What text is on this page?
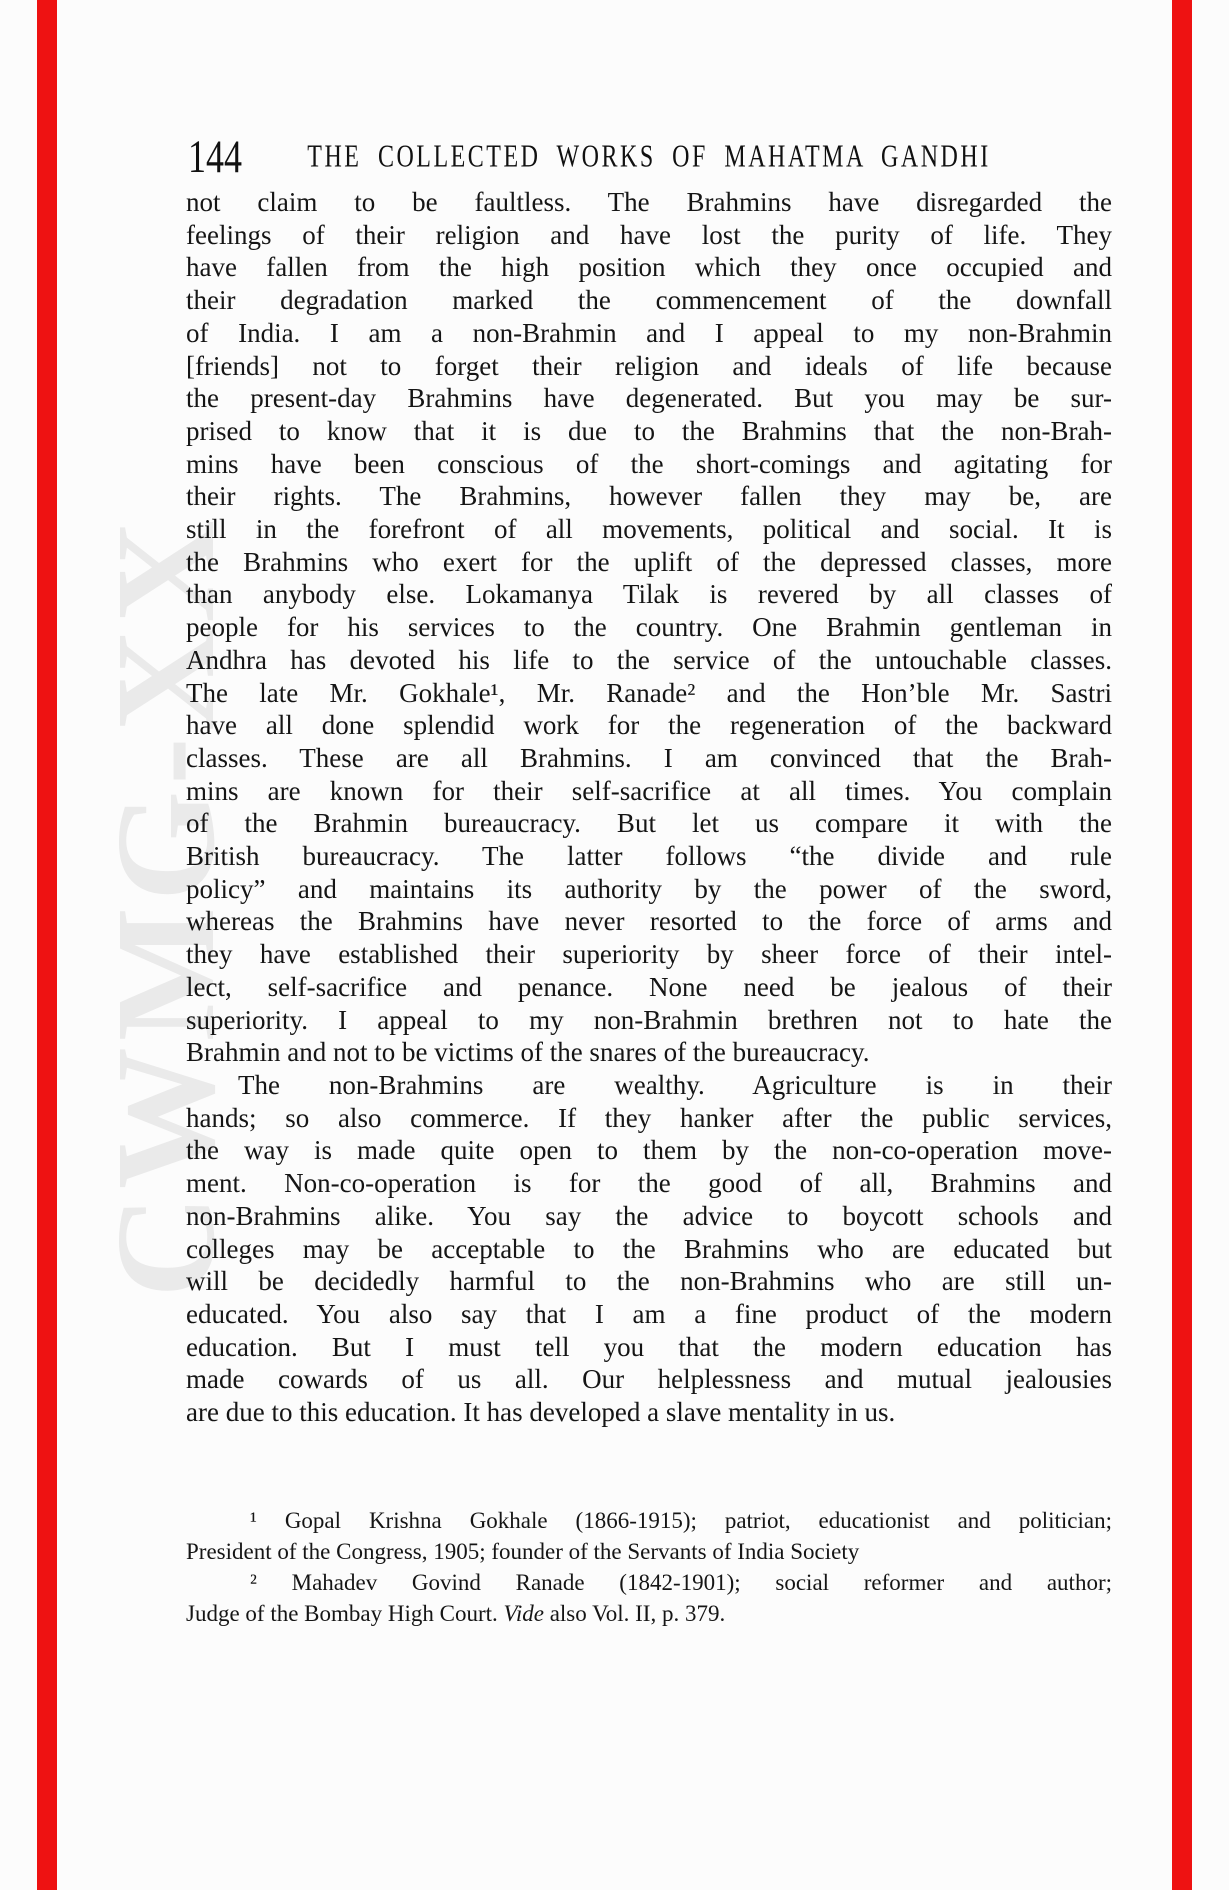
CWMG-XX
144	THE COLLECTED WORKS OF MAHATMA GANDHI
not claim to be faultless. The Brahmins have disregarded the
feelings of their religion and have lost the purity of life. They
have fallen from the high position which they once occupied and
their degradation marked the commencement of the downfall
of India. I am a non-Brahmin and I appeal to my non-Brahmin
[friends] not to forget their religion and ideals of life because
the present-day Brahmins have degenerated. But you may be sur-
prised to know that it is due to the Brahmins that the non-Brah-
mins have been conscious of the short-comings and agitating for
their rights. The Brahmins, however fallen they may be, are
still in the forefront of all movements, political and social. It is
the Brahmins who exert for the uplift of the depressed classes, more
than anybody else. Lokamanya Tilak is revered by all classes of
people for his services to the country. One Brahmin gentleman in
Andhra has devoted his life to the service of the untouchable classes.
The late Mr. Gokhale¹, Mr. Ranade² and the Hon’ble Mr. Sastri
have all done splendid work for the regeneration of the backward
classes. These are all Brahmins. I am convinced that the Brah-
mins are known for their self-sacrifice at all times. You complain
of the Brahmin bureaucracy. But let us compare it with the
British bureaucracy. The latter follows “the divide and rule
policy” and maintains its authority by the power of the sword,
whereas the Brahmins have never resorted to the force of arms and
they have established their superiority by sheer force of their intel-
lect, self-sacrifice and penance. None need be jealous of their
superiority. I appeal to my non-Brahmin brethren not to hate the
Brahmin and not to be victims of the snares of the bureaucracy.
The non-Brahmins are wealthy. Agriculture is in their
hands; so also commerce. If they hanker after the public services,
the way is made quite open to them by the non-co-operation move-
ment. Non-co-operation is for the good of all, Brahmins and
non-Brahmins alike. You say the advice to boycott schools and
colleges may be acceptable to the Brahmins who are educated but
will be decidedly harmful to the non-Brahmins who are still un-
educated. You also say that I am a fine product of the modern
education. But I must tell you that the modern education has
made cowards of us all. Our helplessness and mutual jealousies
are due to this education. It has developed a slave mentality in us.
¹ Gopal Krishna Gokhale (1866-1915); patriot, educationist and politician;
President of the Congress, 1905; founder of the Servants of India Society
² Mahadev Govind Ranade (1842-1901); social reformer and author;
Judge of the Bombay High Court. Vide also Vol. II, p. 379.
